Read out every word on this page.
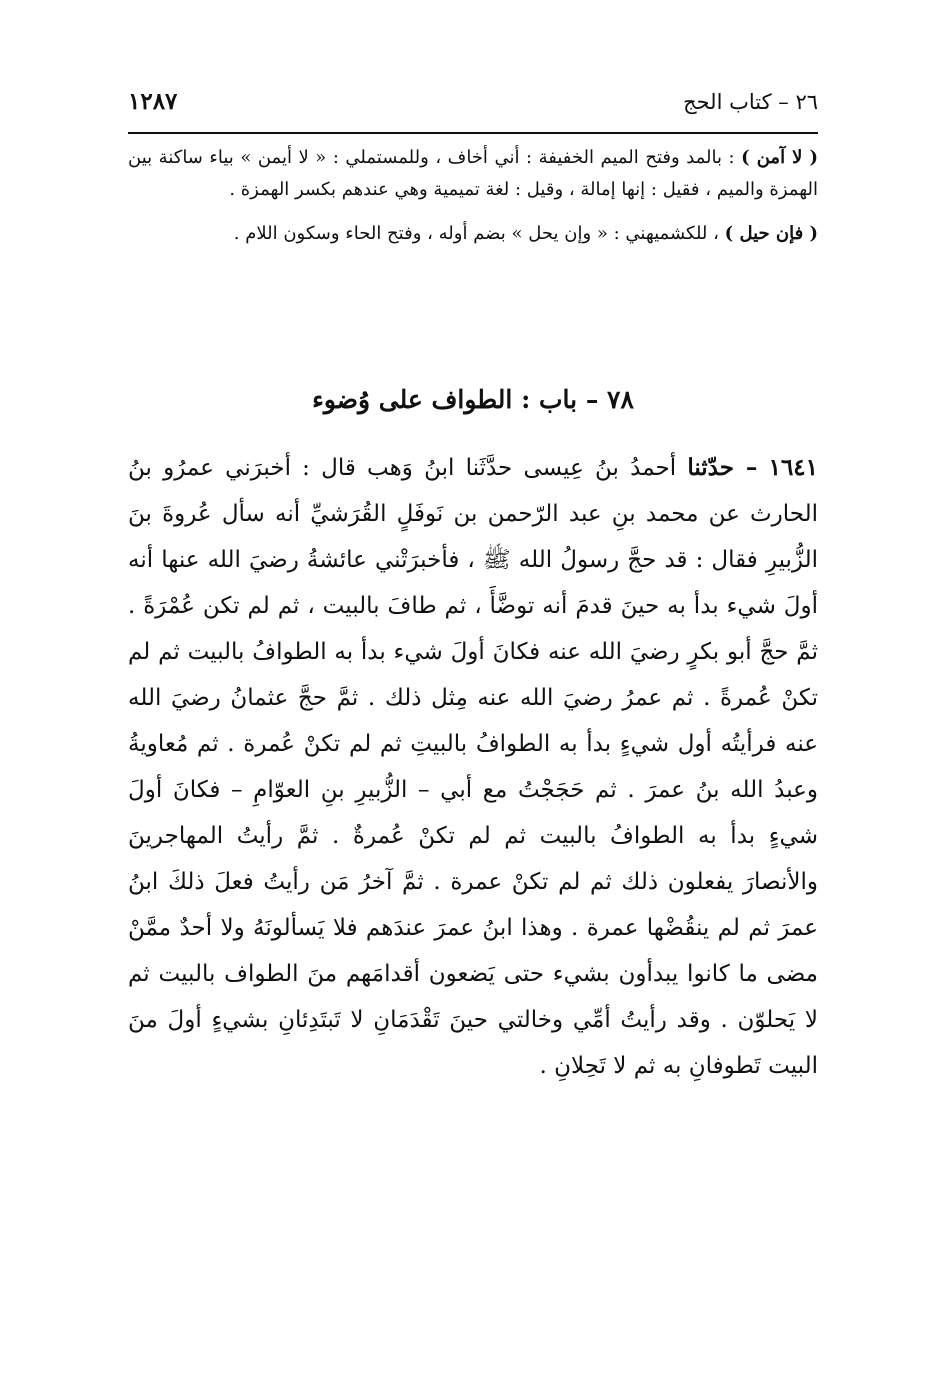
٢٦ – كتاب الحج
١٢٨٧

( لا آمن ) : بالمد وفتح الميم الخفيفة : أني أخاف ، وللمستملي : « لا أيمن » بياء ساكنة بين الهمزة والميم ، فقيل : إنها إمالة ، وقيل : لغة تميمية وهي عندهم بكسر الهمزة .

( فإن حيل ) ، للكشميهني : « وإن يحل » بضم أوله ، وفتح الحاء وسكون اللام .

٧٨ – باب : الطواف على وُضوء

١٦٤١ – حدّثنا أحمدُ بنُ عِيسى حدَّثَنا ابنُ وَهب قال : أخبرَني عمرُو بنُ الحارث عن محمد بنِ عبد الرّحمن بن نَوفَلٍ القُرَشيِّ أنه سأل عُروةَ بنَ الزُّبيرِ فقال : قد حجَّ رسولُ الله ﷺ ، فأخبرَتْني عائشةُ رضيَ الله عنها أنه أولَ شيء بدأ به حينَ قدمَ أنه توضَّأَ ، ثم طافَ بالبيت ، ثم لم تكن عُمْرَةً . ثمَّ حجَّ أبو بكرٍ رضيَ الله عنه فكانَ أولَ شيء بدأ به الطوافُ بالبيت ثم لم تكنْ عُمرةً . ثم عمرُ رضيَ الله عنه مِثل ذلك . ثمَّ حجَّ عثمانُ رضيَ الله عنه فرأيتُه أول شيءٍ بدأ به الطوافُ بالبيتِ ثم لم تكنْ عُمرة . ثم مُعاويةُ وعبدُ الله بنُ عمرَ . ثم حَجَجْتُ مع أبي – الزُّبيرِ بنِ العوّامِ – فكانَ أولَ شيءٍ بدأ به الطوافُ بالبيت ثم لم تكنْ عُمرةٌ . ثمَّ رأيتُ المهاجرينَ والأنصارَ يفعلون ذلك ثم لم تكنْ عمرة . ثمَّ آخرُ مَن رأيتُ فعلَ ذلكَ ابنُ عمرَ ثم لم ينقُضْها عمرة . وهذا ابنُ عمرَ عندَهم فلا يَسألونَهُ ولا أحدٌ ممَّنْ مضى ما كانوا يبدأون بشيء حتى يَضعون أقدامَهم منَ الطواف بالبيت ثم لا يَحلوّن . وقد رأيتُ أمِّي وخالتي حينَ تَقْدَمَانِ لا تَبتَدِئانِ بشيءٍ أولَ منَ البيت تَطوفانِ به ثم لا تَحِلانِ .
